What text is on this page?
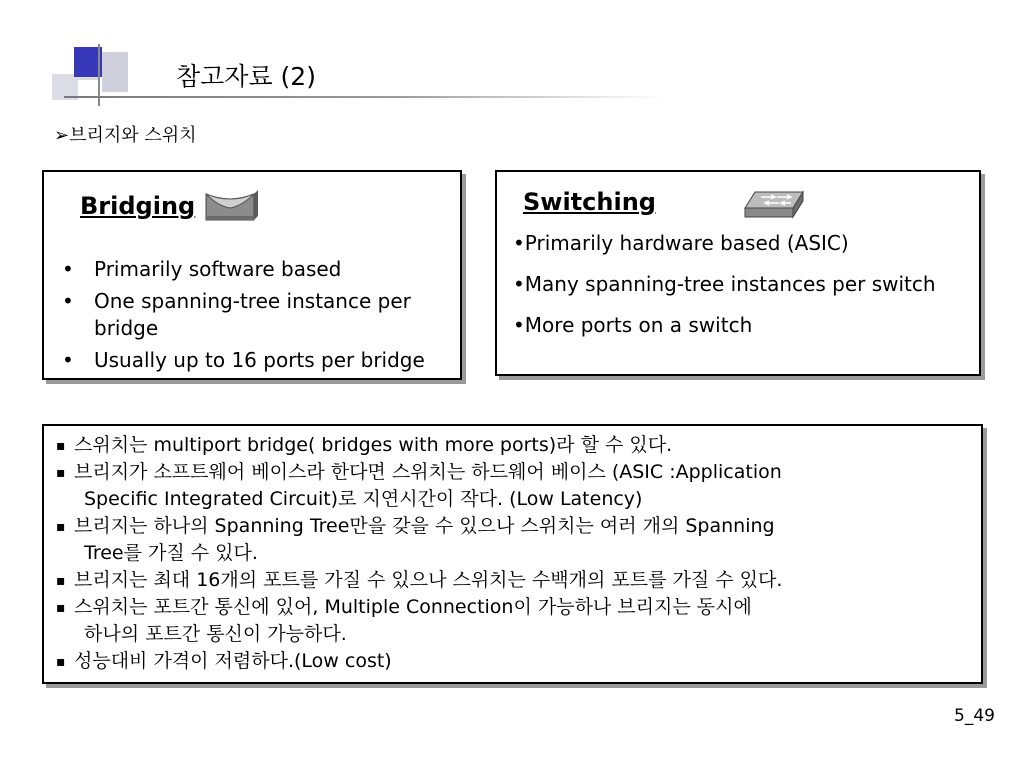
참고자료 (2)
➢브리지와 스위치
Bridging
• Primarily software based
• One spanning-tree instance per bridge
• Usually up to 16 ports per bridge
Switching
•Primarily hardware based (ASIC)
•Many spanning-tree instances per switch
•More ports on a switch
▪ 스위치는 multiport bridge( bridges with more ports)라 할 수 있다.
▪ 브리지가 소프트웨어 베이스라 한다면 스위치는 하드웨어 베이스 (ASIC :Application
Specific Integrated Circuit)로 지연시간이 작다. (Low Latency)
▪ 브리지는 하나의 Spanning Tree만을 갖을 수 있으나 스위치는 여러 개의 Spanning
Tree를 가질 수 있다.
▪ 브리지는 최대 16개의 포트를 가질 수 있으나 스위치는 수백개의 포트를 가질 수 있다.
▪ 스위치는 포트간 통신에 있어, Multiple Connection이 가능하나 브리지는 동시에
하나의 포트간 통신이 가능하다.
▪ 성능대비 가격이 저렴하다.(Low cost)
5_49
